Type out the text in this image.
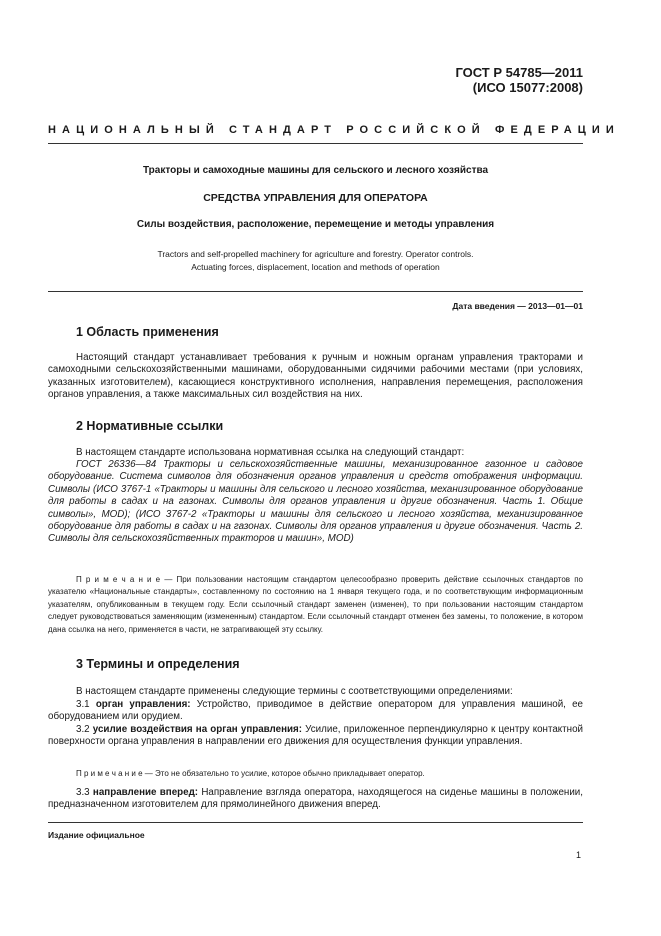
ГОСТ Р 54785—2011
(ИСО 15077:2008)
НАЦИОНАЛЬНЫЙ СТАНДАРТ РОССИЙСКОЙ ФЕДЕРАЦИИ
Тракторы и самоходные машины для сельского и лесного хозяйства
СРЕДСТВА УПРАВЛЕНИЯ ДЛЯ ОПЕРАТОРА
Силы воздействия, расположение, перемещение и методы управления
Tractors and self-propelled machinery for agriculture and forestry. Operator controls.
Actuating forces, displacement, location and methods of operation
Дата введения — 2013—01—01
1 Область применения
Настоящий стандарт устанавливает требования к ручным и ножным органам управления тракторами и самоходными сельскохозяйственными машинами, оборудованными сидячими рабочими местами (при условиях, указанных изготовителем), касающиеся конструктивного исполнения, направления перемещения, расположения органов управления, а также максимальных сил воздействия на них.
2 Нормативные ссылки
В настоящем стандарте использована нормативная ссылка на следующий стандарт:
ГОСТ 26336—84 Тракторы и сельскохозяйственные машины, механизированное газонное и садовое оборудование. Система символов для обозначения органов управления и средств отображения информации. Символы (ИСО 3767-1 «Тракторы и машины для сельского и лесного хозяйства, механизированное оборудование для работы в садах и на газонах. Символы для органов управления и другие обозначения. Часть 1. Общие символы», MOD); (ИСО 3767-2 «Тракторы и машины для сельского и лесного хозяйства, механизированное оборудование для работы в садах и на газонах. Символы для органов управления и другие обозначения. Часть 2. Символы для сельскохозяйственных тракторов и машин», MOD)
П р и м е ч а н и е — При пользовании настоящим стандартом целесообразно проверить действие ссылочных стандартов по указателю «Национальные стандарты», составленному по состоянию на 1 января текущего года, и по соответствующим информационным указателям, опубликованным в текущем году. Если ссылочный стандарт заменен (изменен), то при пользовании настоящим стандартом следует руководствоваться заменяющим (измененным) стандартом. Если ссылочный стандарт отменен без замены, то положение, в котором дана ссылка на него, применяется в части, не затрагивающей эту ссылку.
3 Термины и определения
В настоящем стандарте применены следующие термины с соответствующими определениями:
3.1 орган управления: Устройство, приводимое в действие оператором для управления машиной, ее оборудованием или орудием.
3.2 усилие воздействия на орган управления: Усилие, приложенное перпендикулярно к центру контактной поверхности органа управления в направлении его движения для осуществления функции управления.
П р и м е ч а н и е — Это не обязательно то усилие, которое обычно прикладывает оператор.
3.3 направление вперед: Направление взгляда оператора, находящегося на сиденье машины в положении, предназначенном изготовителем для прямолинейного движения вперед.
Издание официальное
1
